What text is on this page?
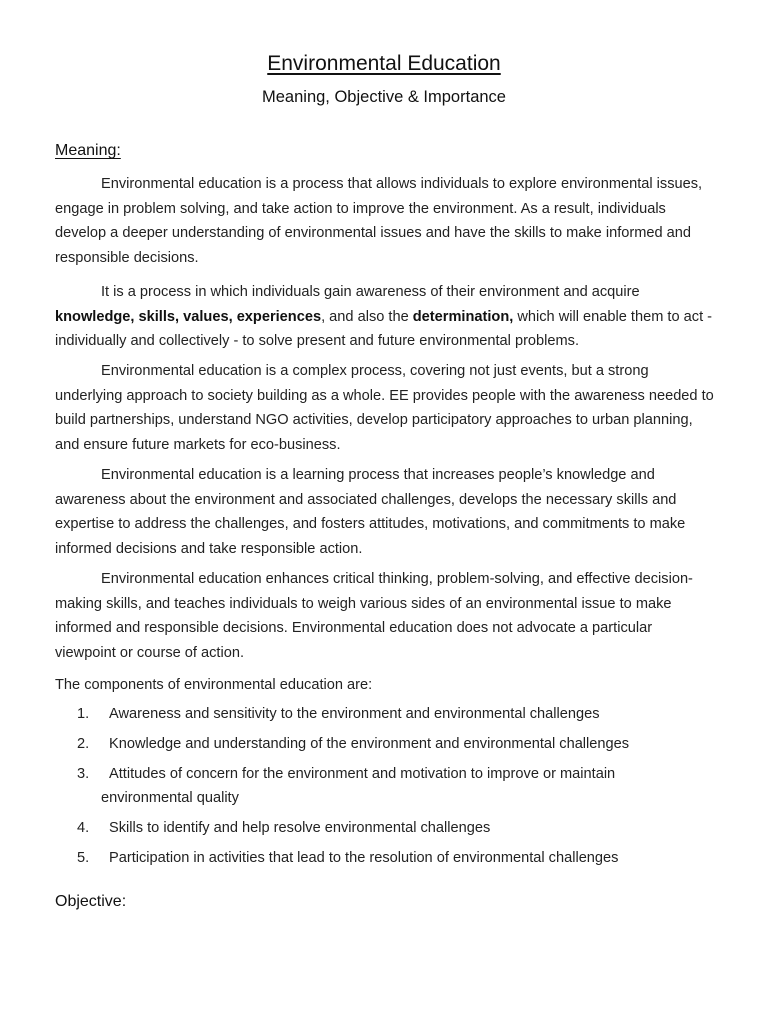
Environmental Education
Meaning, Objective & Importance
Meaning:

Environmental education is a process that allows individuals to explore environmental issues, engage in problem solving, and take action to improve the environment. As a result, individuals develop a deeper understanding of environmental issues and have the skills to make informed and responsible decisions.

It is a process in which individuals gain awareness of their environment and acquire knowledge, skills, values, experiences, and also the determination, which will enable them to act - individually and collectively - to solve present and future environmental problems.

Environmental education is a complex process, covering not just events, but a strong underlying approach to society building as a whole. EE provides people with the awareness needed to build partnerships, understand NGO activities, develop participatory approaches to urban planning, and ensure future markets for eco-business.

Environmental education is a learning process that increases people’s knowledge and awareness about the environment and associated challenges, develops the necessary skills and expertise to address the challenges, and fosters attitudes, motivations, and commitments to make informed decisions and take responsible action.

Environmental education enhances critical thinking, problem-solving, and effective decision-making skills, and teaches individuals to weigh various sides of an environmental issue to make informed and responsible decisions. Environmental education does not advocate a particular viewpoint or course of action.

The components of environmental education are:
1. Awareness and sensitivity to the environment and environmental challenges
2. Knowledge and understanding of the environment and environmental challenges
3. Attitudes of concern for the environment and motivation to improve or maintain
environmental quality
4. Skills to identify and help resolve environmental challenges
5. Participation in activities that lead to the resolution of environmental challenges
Objective:
